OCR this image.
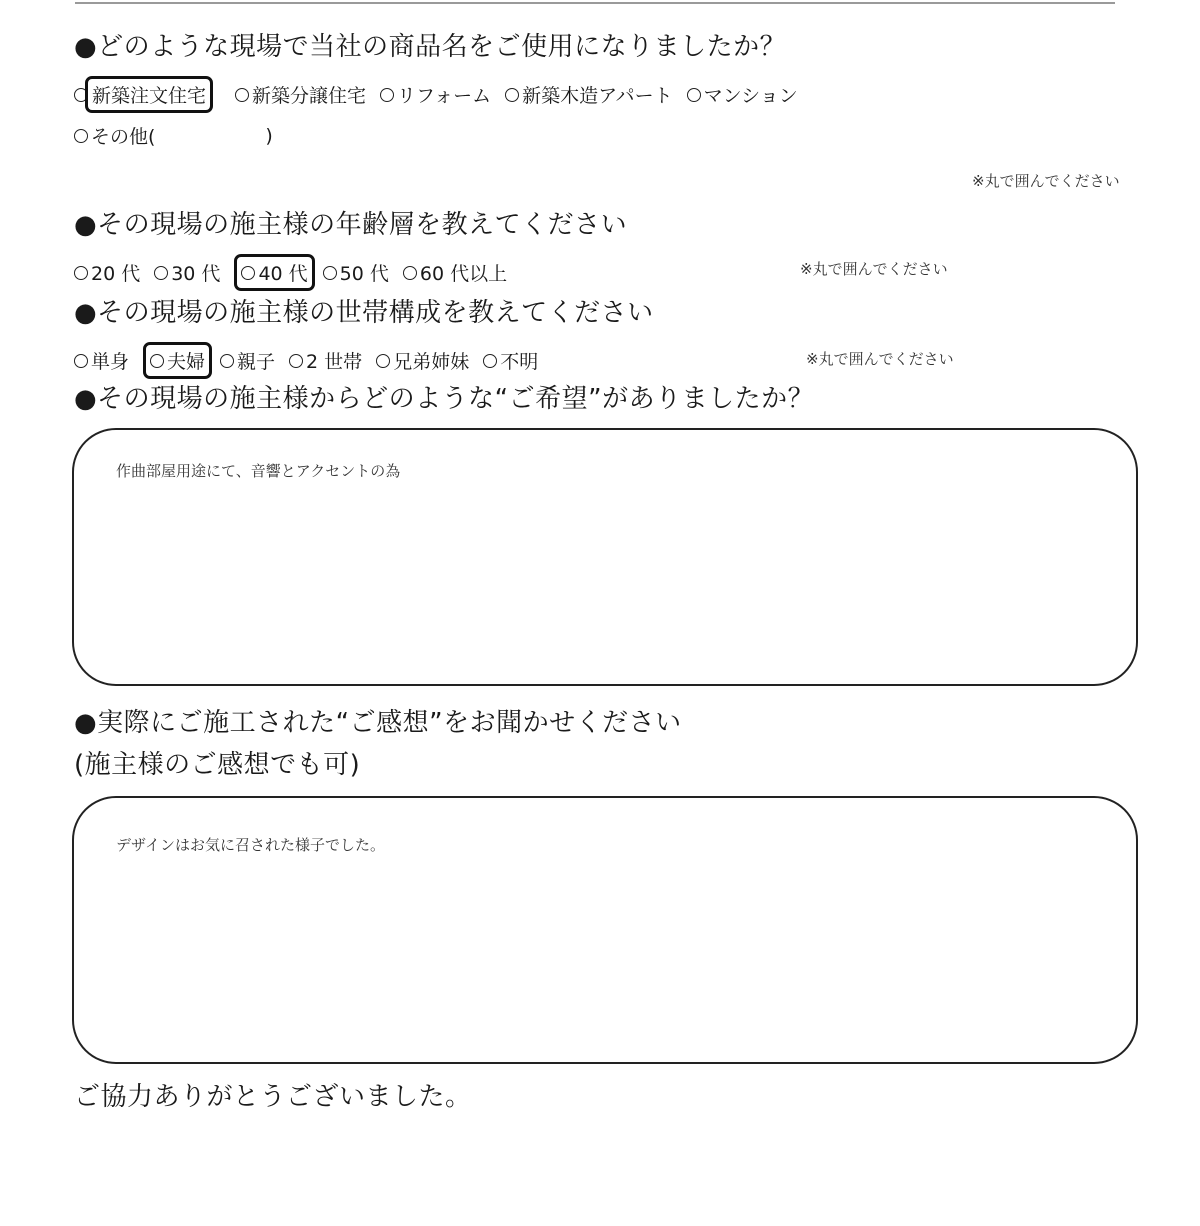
●どのような現場で当社の商品名をご使用になりましたか？
新築注文住宅	新築分譲住宅 リフォーム 新築木造アパート マンション
その他(	)
※丸で囲んでください
●その現場の施主様の年齢層を教えてください
20 代 30 代 40 代 50 代 60 代以上	※丸で囲んでください
●その現場の施主様の世帯構成を教えてください
単身 夫婦 親子 2 世帯 兄弟姉妹 不明	※丸で囲んでください
●その現場の施主様からどのような“ご希望”がありましたか？
作曲部屋用途にて、音響とアクセントの為
●実際にご施工された“ご感想”をお聞かせください
(施主様のご感想でも可)
デザインはお気に召された様子でした。
ご協力ありがとうございました。
